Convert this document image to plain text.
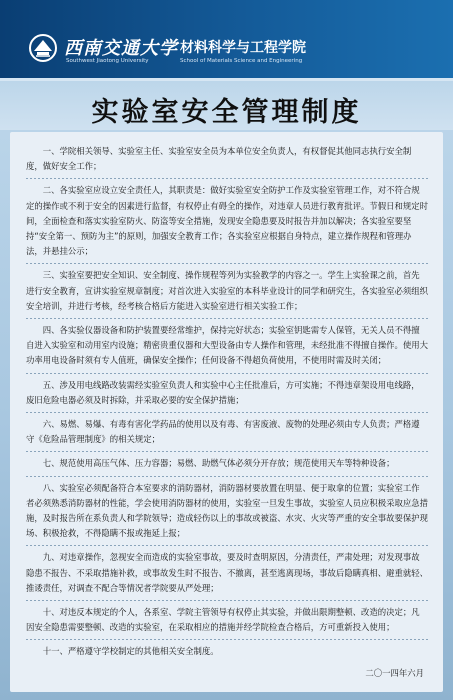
西南交通大学 材料科学与工程学院
Southwest Jiaotong University	School of Materials Science and Engineering
实验室安全管理制度

一、学院相关领导、实验室主任、实验室安全员为本单位安全负责人，有权督促其他同志执行安全制度，做好安全工作；

二、各实验室应设立安全责任人，其职责是：做好实验室安全防护工作及实验室管理工作，对不符合规定的操作或不利于安全的因素进行监督，有权停止有碍全的操作，对违章人员进行教育批评。节假日和规定时间，全面检查和落实实验室防火、防盗等安全措施，发现安全隐患要及时报告并加以解决；各实验室要坚持“安全第一、预防为主”的原则，加强安全教育工作；各实验室应根据自身特点，建立操作规程和管理办法，并悬挂公示；

三、实验室要把安全知识、安全制度、操作规程等列为实验教学的内容之一。学生上实验课之前，首先进行安全教育，宣讲实验室规章制度；对首次进入实验室的本科毕业设计的同学和研究生，各实验室必须组织安全培训，并进行考核，经考核合格后方能进入实验室进行相关实验工作；

四、各实验仪器设备和防护装置要经常维护，保持完好状态；实验室钥匙需专人保管，无关人员不得擅自进入实验室和动用室内设施；精密贵重仪器和大型设备由专人操作和管理，未经批准不得擅自操作。使用大功率用电设备时须有专人值班，确保安全操作；任何设备不得超负荷使用，不使用时需及时关闭；

五、涉及用电线路改装需经实验室负责人和实验中心主任批准后，方可实施；不得违章架设用电线路，废旧危险电器必须及时拆除，并采取必要的安全保护措施；

六、易燃、易爆、有毒有害化学药品的使用以及有毒、有害废液、废物的处理必须由专人负责；严格遵守《危险品管理制度》的相关规定；

七、规范使用高压气体、压力容器；易燃、助燃气体必须分开存放；规范使用天车等特种设备；

八、实验室必须配备符合本室要求的消防器材，消防器材要放置在明显、便于取拿的位置；实验室工作者必须熟悉消防器材的性能，学会使用消防器材的使用，实验室一旦发生事故，实验室人员应积极采取应急措施，及时报告所在系负责人和学院领导；造成轻伤以上的事故或被盗、水灾、火灾等严重的安全事故要保护现场、积极抢救，不得隐瞒不报或拖延上报；

九、对违章操作，忽视安全而造成的实验室事故，要及时查明原因，分清责任，严肃处理；对发现事故隐患不报告、不采取措施补救，或事故发生时不报告、不撤离，甚至逃离现场，事故后隐瞒真相、避重就轻、推诿责任，对调查不配合等情况者学院要从严处理；

十、对违反本规定的个人，各系室、学院主管领导有权停止其实验，并做出限期整顿、改造的决定；凡因安全隐患需要整顿、改造的实验室，在采取相应的措施并经学院检查合格后，方可重新投入使用；

十一、严格遵守学校制定的其他相关安全制度。

二〇一四年六月
